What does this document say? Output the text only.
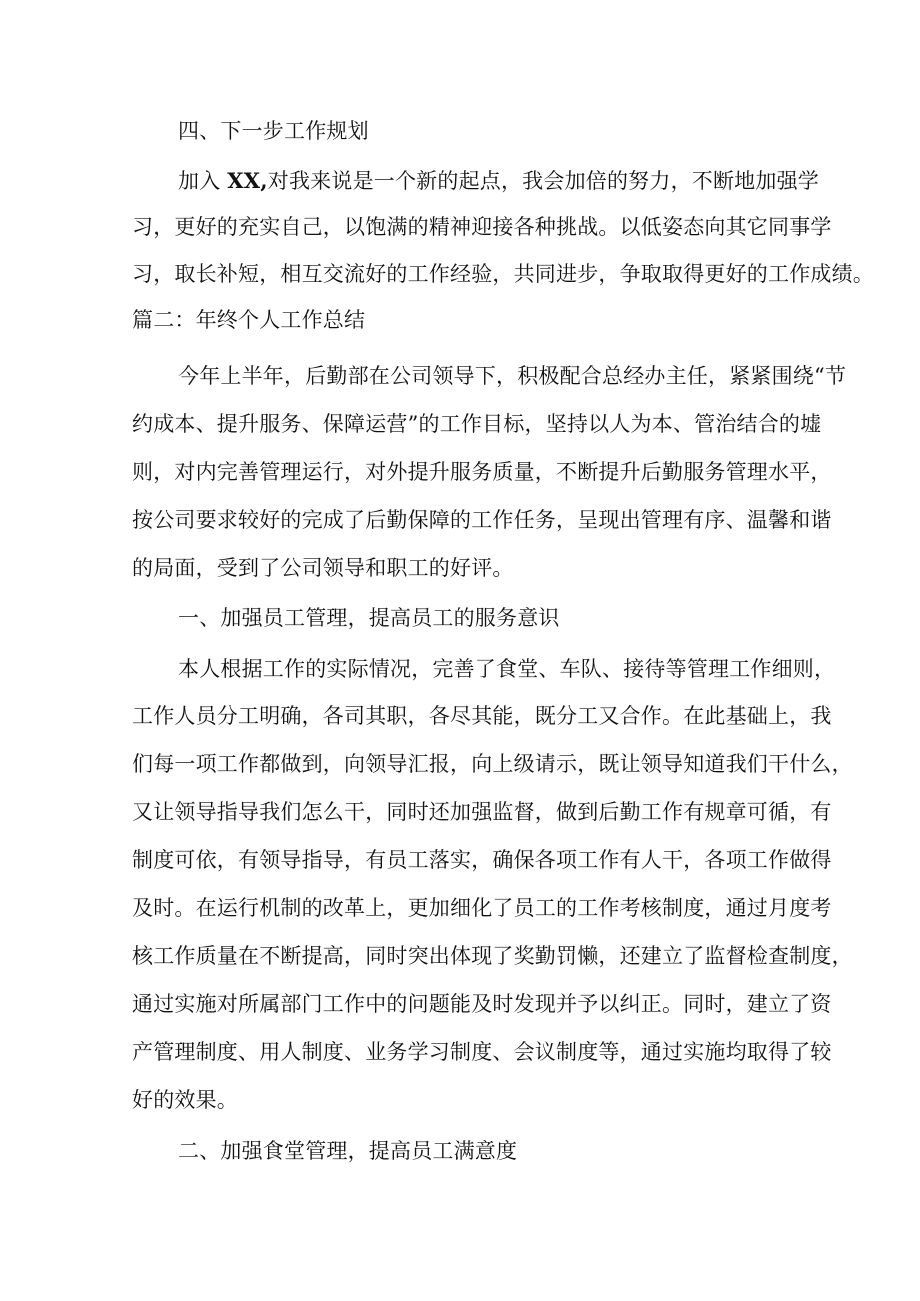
四、下一步工作规划
加入 XX,对我来说是一个新的起点，我会加倍的努力，不断地加强学
习，更好的充实自己，以饱满的精神迎接各种挑战。以低姿态向其它同事学
习，取长补短，相互交流好的工作经验，共同进步，争取取得更好的工作成绩。
篇二：年终个人工作总结
今年上半年，后勤部在公司领导下，积极配合总经办主任，紧紧围绕“节
约成本、提升服务、保障运营”的工作目标，坚持以人为本、管治结合的墟
则，对内完善管理运行，对外提升服务质量，不断提升后勤服务管理水平，
按公司要求较好的完成了后勤保障的工作任务，呈现出管理有序、温馨和谐
的局面，受到了公司领导和职工的好评。
一、加强员工管理，提高员工的服务意识
本人根据工作的实际情况，完善了食堂、车队、接待等管理工作细则，
工作人员分工明确，各司其职，各尽其能，既分工又合作。在此基础上，我
们每一项工作都做到，向领导汇报，向上级请示，既让领导知道我们干什么，
又让领导指导我们怎么干，同时还加强监督，做到后勤工作有规章可循，有
制度可依，有领导指导，有员工落实，确保各项工作有人干，各项工作做得
及时。在运行机制的改革上，更加细化了员工的工作考核制度，通过月度考
核工作质量在不断提高，同时突出体现了奖勤罚懒，还建立了监督检查制度，
通过实施对所属部门工作中的问题能及时发现并予以纠正。同时，建立了资
产管理制度、用人制度、业务学习制度、会议制度等，通过实施均取得了较
好的效果。
二、加强食堂管理，提高员工满意度
